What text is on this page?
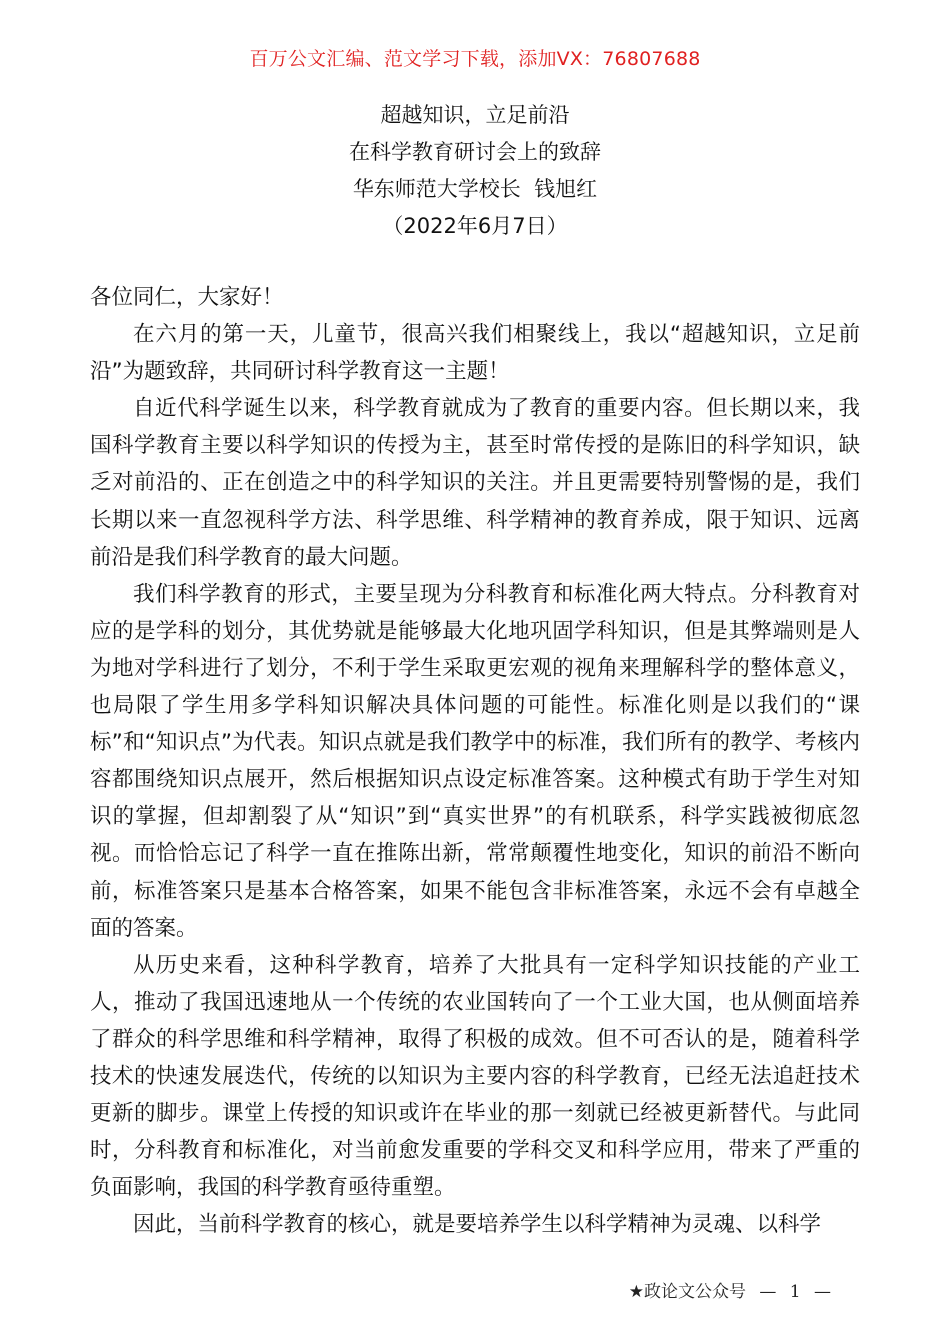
百万公文汇编、范文学习下载，添加VX：76807688
超越知识，立足前沿
在科学教育研讨会上的致辞
华东师范大学校长  钱旭红
（2022年6月7日）

各位同仁，大家好！

在六月的第一天，儿童节，很高兴我们相聚线上，我以“超越知识，立足前沿”为题致辞，共同研讨科学教育这一主题！

自近代科学诞生以来，科学教育就成为了教育的重要内容。但长期以来，我国科学教育主要以科学知识的传授为主，甚至时常传授的是陈旧的科学知识，缺乏对前沿的、正在创造之中的科学知识的关注。并且更需要特别警惕的是，我们长期以来一直忽视科学方法、科学思维、科学精神的教育养成，限于知识、远离前沿是我们科学教育的最大问题。

我们科学教育的形式，主要呈现为分科教育和标准化两大特点。分科教育对应的是学科的划分，其优势就是能够最大化地巩固学科知识，但是其弊端则是人为地对学科进行了划分，不利于学生采取更宏观的视角来理解科学的整体意义，也局限了学生用多学科知识解决具体问题的可能性。标准化则是以我们的“课标”和“知识点”为代表。知识点就是我们教学中的标准，我们所有的教学、考核内容都围绕知识点展开，然后根据知识点设定标准答案。这种模式有助于学生对知识的掌握，但却割裂了从“知识”到“真实世界”的有机联系，科学实践被彻底忽视。而恰恰忘记了科学一直在推陈出新，常常颠覆性地变化，知识的前沿不断向前，标准答案只是基本合格答案，如果不能包含非标准答案，永远不会有卓越全面的答案。

从历史来看，这种科学教育，培养了大批具有一定科学知识技能的产业工人，推动了我国迅速地从一个传统的农业国转向了一个工业大国，也从侧面培养了群众的科学思维和科学精神，取得了积极的成效。但不可否认的是，随着科学技术的快速发展迭代，传统的以知识为主要内容的科学教育，已经无法追赶技术更新的脚步。课堂上传授的知识或许在毕业的那一刻就已经被更新替代。与此同时，分科教育和标准化，对当前愈发重要的学科交叉和科学应用，带来了严重的负面影响，我国的科学教育亟待重塑。

因此，当前科学教育的核心，就是要培养学生以科学精神为灵魂、以科学

★政论文公众号 — 1 —
